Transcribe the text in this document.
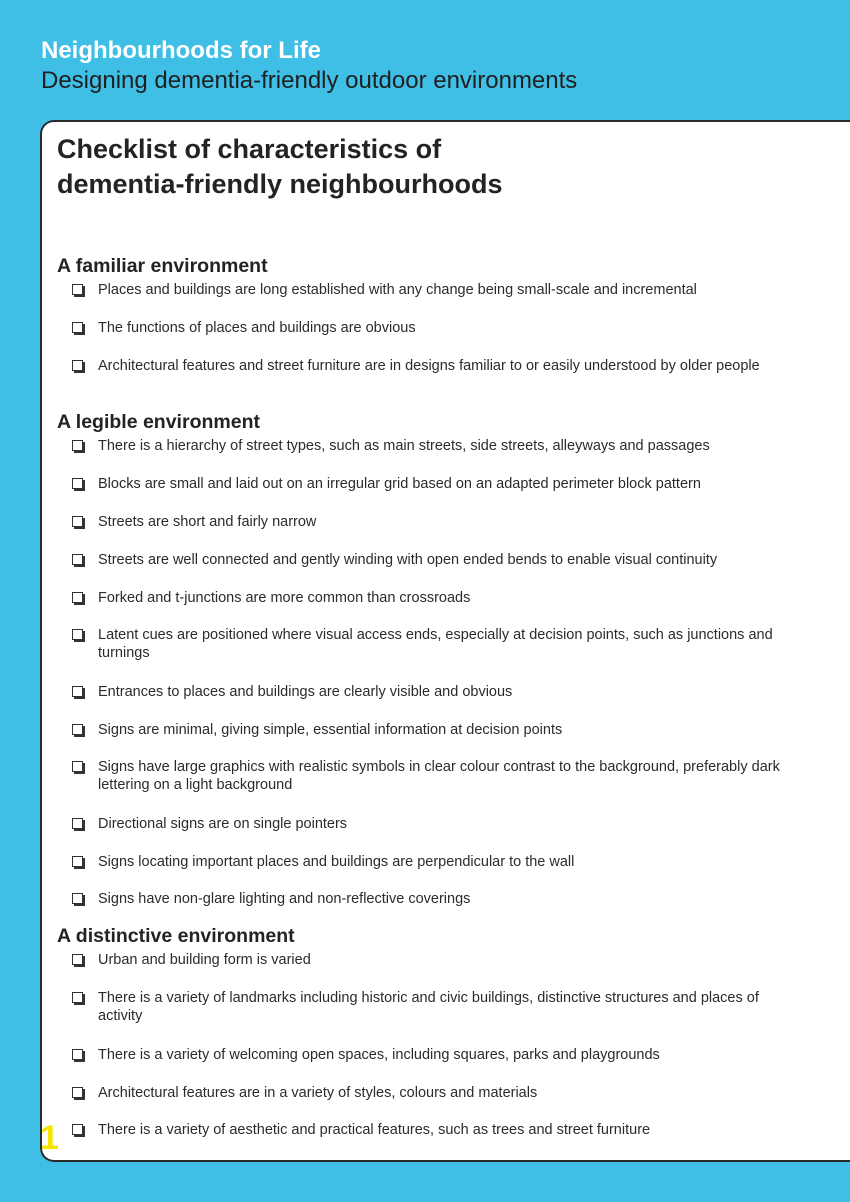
Neighbourhoods for Life

Designing dementia-friendly outdoor environments

Checklist of characteristics of
dementia-friendly neighbourhoods
A familiar environment
Places and buildings are long established with any change being small-scale and incremental
The functions of places and buildings are obvious
Architectural features and street furniture are in designs familiar to or easily understood by older people
A legible environment
There is a hierarchy of street types, such as main streets, side streets, alleyways and passages
Blocks are small and laid out on an irregular grid based on an adapted perimeter block pattern
Streets are short and fairly narrow
Streets are well connected and gently winding with open ended bends to enable visual continuity
Forked and t-junctions are more common than crossroads
Latent cues are positioned where visual access ends, especially at decision points, such as junctions and turnings
Entrances to places and buildings are clearly visible and obvious
Signs are minimal, giving simple, essential information at decision points
Signs have large graphics with realistic symbols in clear colour contrast to the background, preferably dark lettering on a light background
Directional signs are on single pointers
Signs locating important places and buildings are perpendicular to the wall
Signs have non-glare lighting and non-reflective coverings
A distinctive environment
Urban and building form is varied
There is a variety of landmarks including historic and civic buildings, distinctive structures and places of activity
There is a variety of welcoming open spaces, including squares, parks and playgrounds
Architectural features are in a variety of styles, colours and materials
There is a variety of aesthetic and practical features, such as trees and street furniture
1
